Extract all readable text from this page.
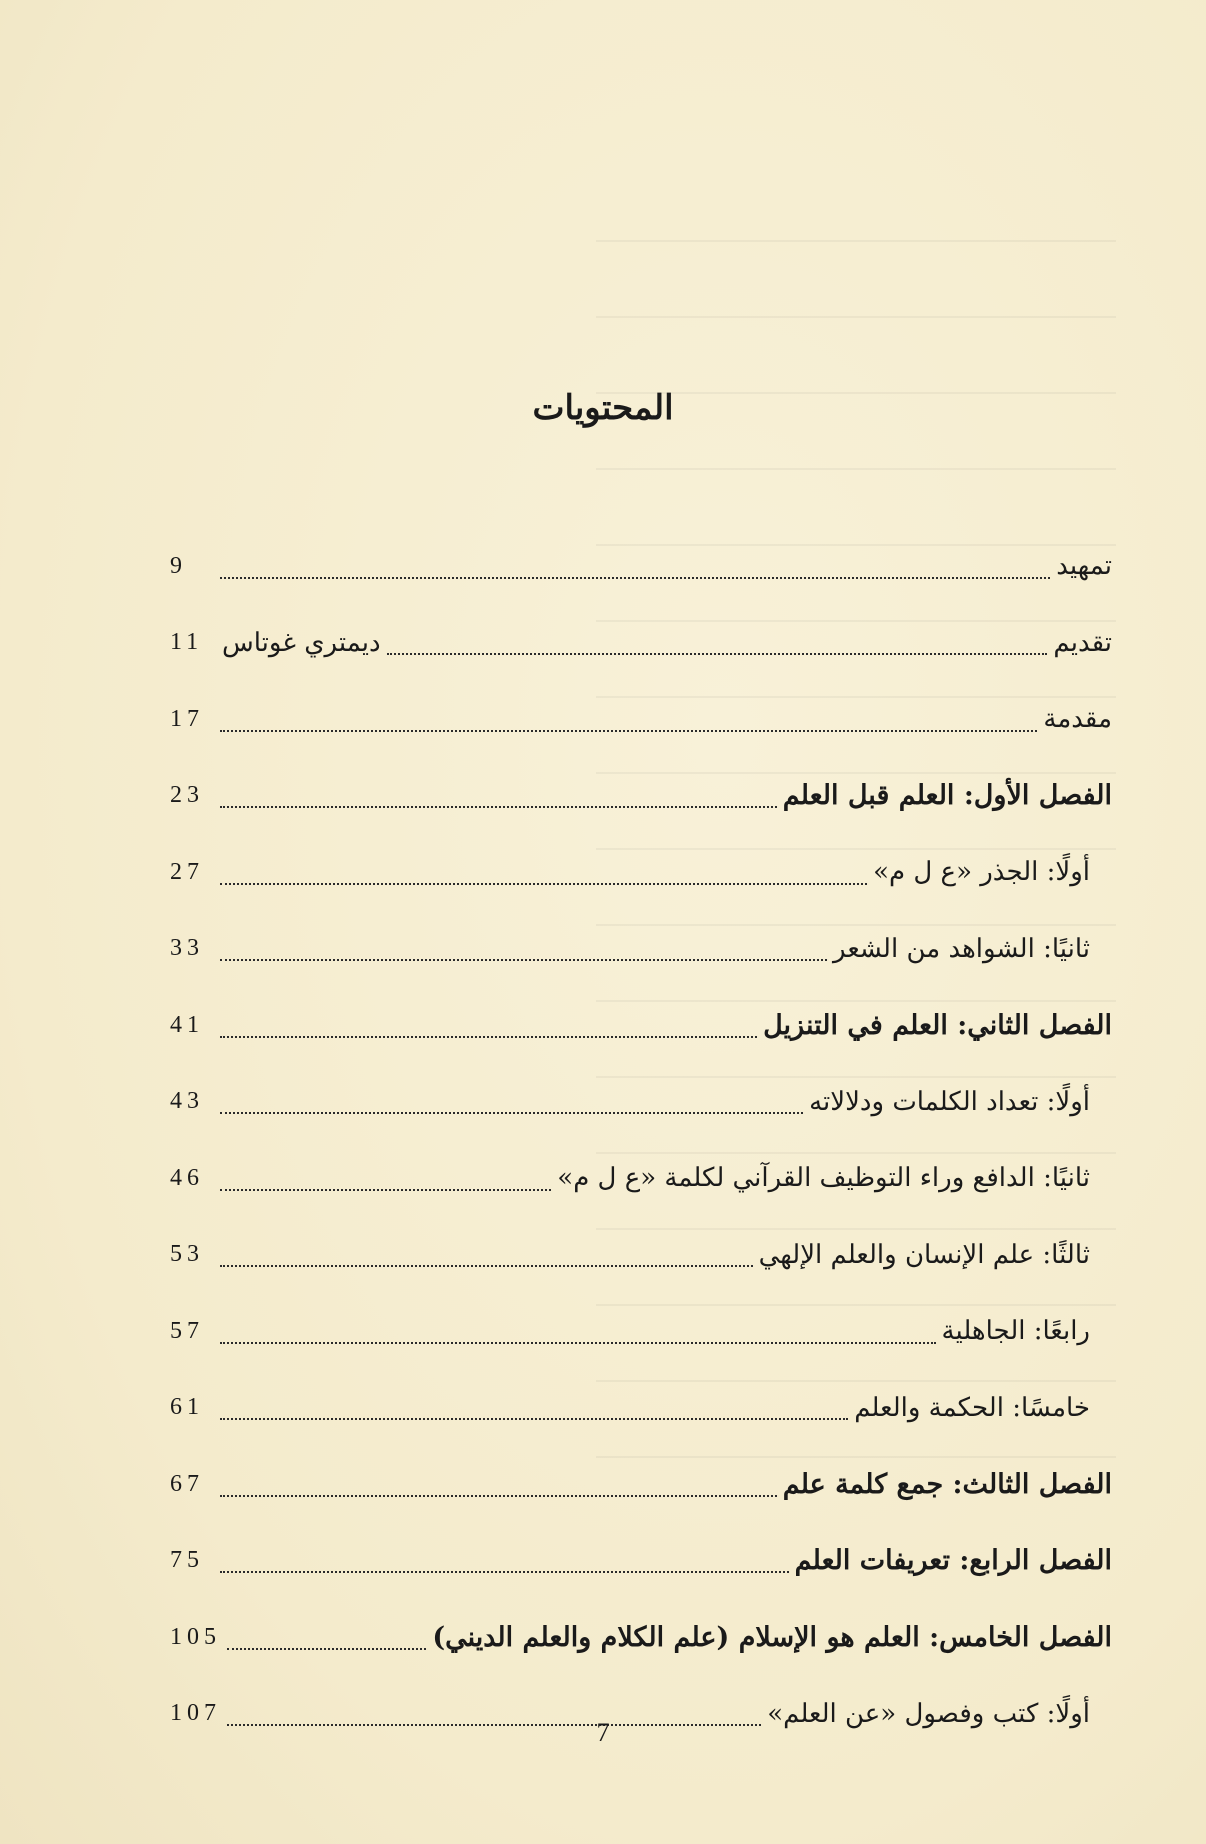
المحتويات
تمهيد
9
تقديم
ديمتري غوتاس
11
مقدمة
17
الفصل الأول: العلم قبل العلم
23
أولًا: الجذر «ع ل م»
27
ثانيًا: الشواهد من الشعر
33
الفصل الثاني: العلم في التنزيل
41
أولًا: تعداد الكلمات ودلالاته
43
ثانيًا: الدافع وراء التوظيف القرآني لكلمة «ع ل م»
46
ثالثًا: علم الإنسان والعلم الإلهي
53
رابعًا: الجاهلية
57
خامسًا: الحكمة والعلم
61
الفصل الثالث: جمع كلمة علم
67
الفصل الرابع: تعريفات العلم
75
الفصل الخامس: العلم هو الإسلام (علم الكلام والعلم الديني)
105
أولًا: كتب وفصول «عن العلم»
107
7
